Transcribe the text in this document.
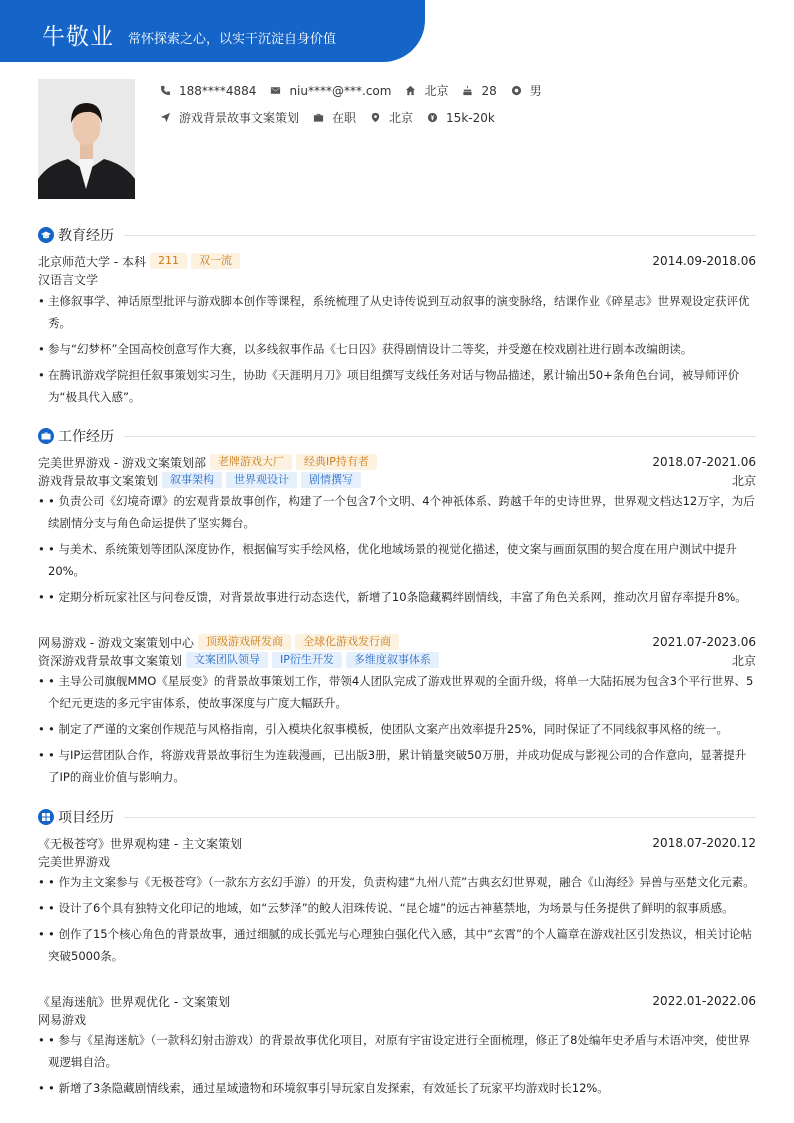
牛敬业 常怀探索之心，以实干沉淀自身价值
188****4884	niu****@***.com	北京	28	男
游戏背景故事文案策划	在职	北京	15k-20k
教育经历
北京师范大学 - 本科	211	双一流	2014.09-2018.06
汉语言文学
• 主修叙事学、神话原型批评与游戏脚本创作等课程，系统梳理了从史诗传说到互动叙事的演变脉络，结课作业《碎星志》世界观设定获评优秀。
• 参与“幻梦杯”全国高校创意写作大赛，以多线叙事作品《七日囚》获得剧情设计二等奖，并受邀在校戏剧社进行剧本改编朗读。
• 在腾讯游戏学院担任叙事策划实习生，协助《天涯明月刀》项目组撰写支线任务对话与物品描述，累计输出50+条角色台词，被导师评价为“极具代入感”。
工作经历
完美世界游戏 - 游戏文案策划部	老牌游戏大厂	经典IP持有者	2018.07-2021.06
游戏背景故事文案策划	叙事架构	世界观设计	剧情撰写	北京
• • 负责公司《幻境奇谭》的宏观背景故事创作，构建了一个包含7个文明、4个神祇体系、跨越千年的史诗世界，世界观文档达12万字，为后续剧情分支与角色命运提供了坚实舞台。
• • 与美术、系统策划等团队深度协作，根据偏写实手绘风格，优化地域场景的视觉化描述，使文案与画面氛围的契合度在用户测试中提升20%。
• • 定期分析玩家社区与问卷反馈，对背景故事进行动态迭代，新增了10条隐藏羁绊剧情线，丰富了角色关系网，推动次月留存率提升8%。
网易游戏 - 游戏文案策划中心	顶级游戏研发商	全球化游戏发行商	2021.07-2023.06
资深游戏背景故事文案策划	文案团队领导	IP衍生开发	多维度叙事体系	北京
• • 主导公司旗舰MMO《星辰变》的背景故事策划工作，带领4人团队完成了游戏世界观的全面升级，将单一大陆拓展为包含3个平行世界、5个纪元更迭的多元宇宙体系，使故事深度与广度大幅跃升。
• • 制定了严谨的文案创作规范与风格指南，引入模块化叙事模板，使团队文案产出效率提升25%，同时保证了不同线叙事风格的统一。
• • 与IP运营团队合作，将游戏背景故事衍生为连载漫画，已出版3册，累计销量突破50万册，并成功促成与影视公司的合作意向，显著提升了IP的商业价值与影响力。
项目经历
《无极苍穹》世界观构建 - 主文案策划	2018.07-2020.12
完美世界游戏
• • 作为主文案参与《无极苍穹》（一款东方玄幻手游）的开发，负责构建“九州八荒”古典玄幻世界观，融合《山海经》异兽与巫楚文化元素。
• • 设计了6个具有独特文化印记的地域，如“云梦泽”的鲛人泪珠传说、“昆仑墟”的远古神墓禁地，为场景与任务提供了鲜明的叙事质感。
• • 创作了15个核心角色的背景故事，通过细腻的成长弧光与心理独白强化代入感，其中“玄霄”的个人篇章在游戏社区引发热议，相关讨论帖突破5000条。
《星海迷航》世界观优化 - 文案策划	2022.01-2022.06
网易游戏
• • 参与《星海迷航》（一款科幻射击游戏）的背景故事优化项目，对原有宇宙设定进行全面梳理，修正了8处编年史矛盾与术语冲突，使世界观逻辑自洽。
• • 新增了3条隐藏剧情线索，通过星域遗物和环境叙事引导玩家自发探索，有效延长了玩家平均游戏时长12%。
